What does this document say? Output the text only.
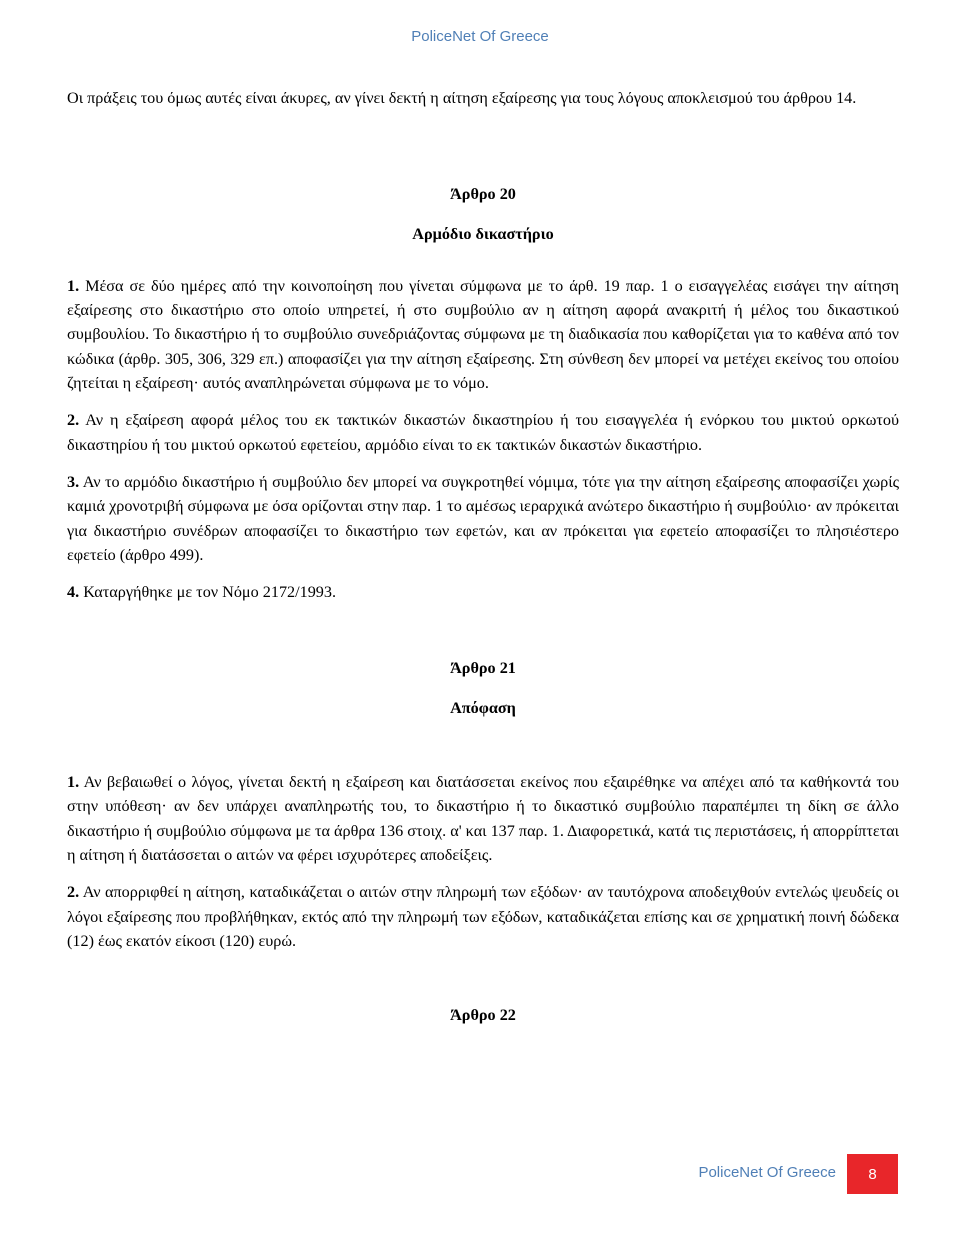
PoliceNet Of Greece

Οι πράξεις του όμως αυτές είναι άκυρες, αν γίνει δεκτή η αίτηση εξαίρεσης για τους λόγους αποκλεισμού του άρθρου 14.

Άρθρο 20

Αρμόδιο δικαστήριο

1. Μέσα σε δύο ημέρες από την κοινοποίηση που γίνεται σύμφωνα με το άρθ. 19 παρ. 1 ο εισαγγελέας εισάγει την αίτηση εξαίρεσης στο δικαστήριο στο οποίο υπηρετεί, ή στο συμβούλιο αν η αίτηση αφορά ανακριτή ή μέλος του δικαστικού συμβουλίου. Το δικαστήριο ή το συμβούλιο συνεδριάζοντας σύμφωνα με τη διαδικασία που καθορίζεται για το καθένα από τον κώδικα (άρθρ. 305, 306, 329 επ.) αποφασίζει για την αίτηση εξαίρεσης. Στη σύνθεση δεν μπορεί να μετέχει εκείνος του οποίου ζητείται η εξαίρεση· αυτός αναπληρώνεται σύμφωνα με το νόμο.

2. Αν η εξαίρεση αφορά μέλος του εκ τακτικών δικαστών δικαστηρίου ή του εισαγγελέα ή ενόρκου του μικτού ορκωτού δικαστηρίου ή του μικτού ορκωτού εφετείου, αρμόδιο είναι το εκ τακτικών δικαστών δικαστήριο.

3. Αν το αρμόδιο δικαστήριο ή συμβούλιο δεν μπορεί να συγκροτηθεί νόμιμα, τότε για την αίτηση εξαίρεσης αποφασίζει χωρίς καμιά χρονοτριβή σύμφωνα με όσα ορίζονται στην παρ. 1 το αμέσως ιεραρχικά ανώτερο δικαστήριο ή συμβούλιο· αν πρόκειται για δικαστήριο συνέδρων αποφασίζει το δικαστήριο των εφετών, και αν πρόκειται για εφετείο αποφασίζει το πλησιέστερο εφετείο (άρθρο 499).

4. Καταργήθηκε με τον Νόμο 2172/1993.

Άρθρο 21

Απόφαση

1. Αν βεβαιωθεί ο λόγος, γίνεται δεκτή η εξαίρεση και διατάσσεται εκείνος που εξαιρέθηκε να απέχει από τα καθήκοντά του στην υπόθεση· αν δεν υπάρχει αναπληρωτής του, το δικαστήριο ή το δικαστικό συμβούλιο παραπέμπει τη δίκη σε άλλο δικαστήριο ή συμβούλιο σύμφωνα με τα άρθρα 136 στοιχ. α' και 137 παρ. 1. Διαφορετικά, κατά τις περιστάσεις, ή απορρίπτεται η αίτηση ή διατάσσεται ο αιτών να φέρει ισχυρότερες αποδείξεις.

2. Αν απορριφθεί η αίτηση, καταδικάζεται ο αιτών στην πληρωμή των εξόδων· αν ταυτόχρονα αποδειχθούν εντελώς ψευδείς οι λόγοι εξαίρεσης που προβλήθηκαν, εκτός από την πληρωμή των εξόδων, καταδικάζεται επίσης και σε χρηματική ποινή δώδεκα (12) έως εκατόν είκοσι (120) ευρώ.

Άρθρο 22

PoliceNet Of Greece	8
